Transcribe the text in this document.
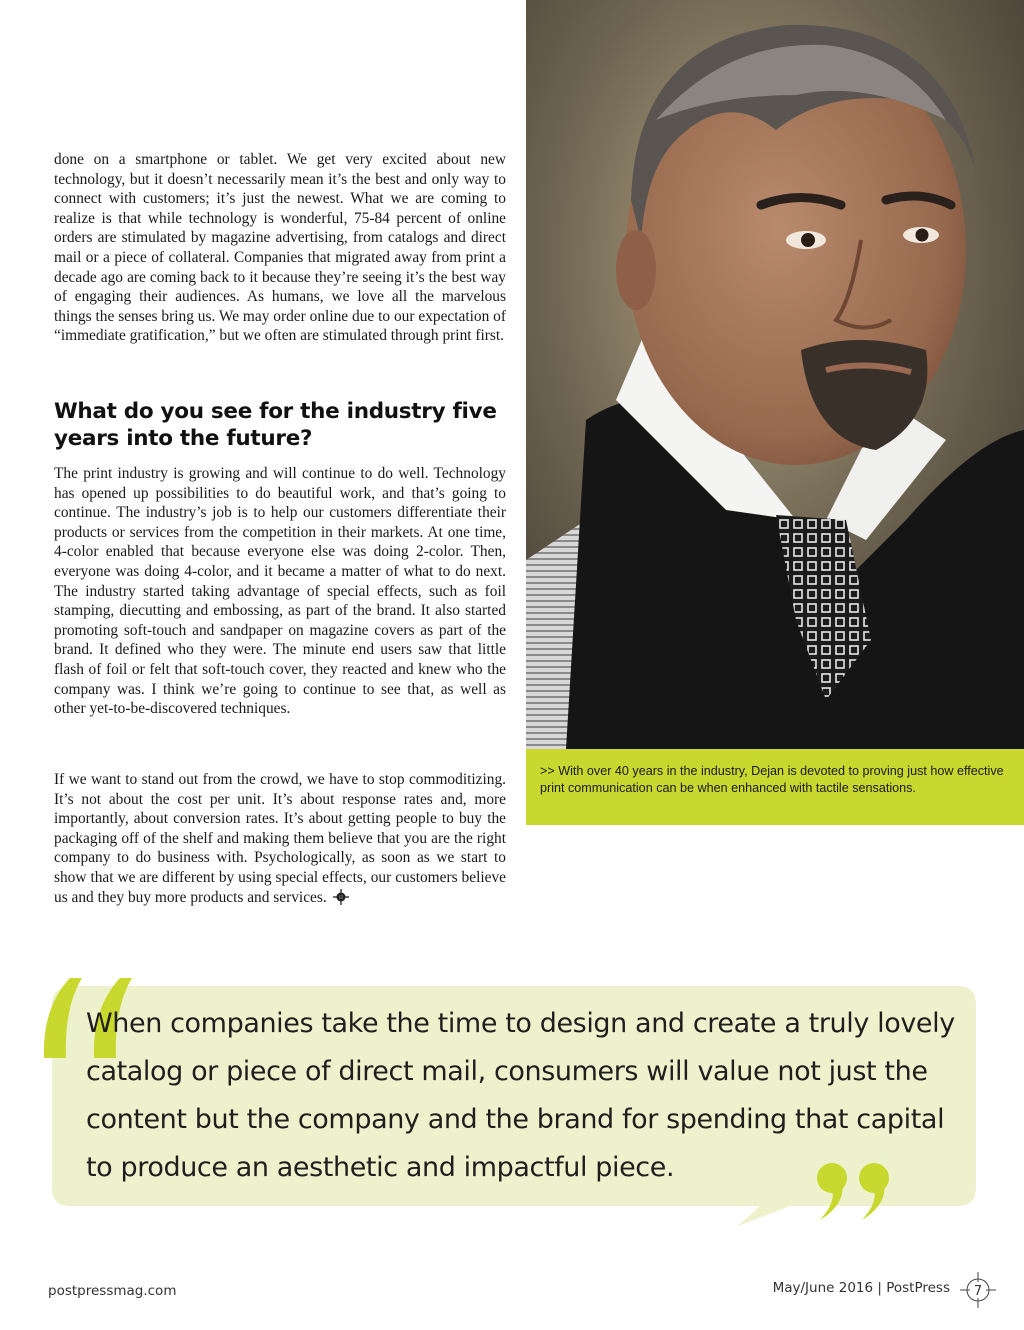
done on a smartphone or tablet. We get very excited about new technology, but it doesn’t necessarily mean it’s the best and only way to connect with customers; it’s just the newest. What we are coming to realize is that while technology is wonderful, 75-84 percent of online orders are stimulated by magazine advertising, from catalogs and direct mail or a piece of collateral. Companies that migrated away from print a decade ago are coming back to it because they’re seeing it’s the best way of engaging their audiences. As humans, we love all the marvelous things the senses bring us. We may order online due to our expectation of “immediate gratification,” but we often are stimulated through print first.

What do you see for the industry five years into the future?

The print industry is growing and will continue to do well. Technology has opened up possibilities to do beautiful work, and that’s going to continue. The industry’s job is to help our customers differentiate their products or services from the competition in their markets. At one time, 4-color enabled that because everyone else was doing 2-color. Then, everyone was doing 4-color, and it became a matter of what to do next. The industry started taking advantage of special effects, such as foil stamping, diecutting and embossing, as part of the brand. It also started promoting soft-touch and sandpaper on magazine covers as part of the brand. It defined who they were. The minute end users saw that little flash of foil or felt that soft-touch cover, they reacted and knew who the company was. I think we’re going to continue to see that, as well as other yet-to-be-discovered techniques.

If we want to stand out from the crowd, we have to stop commoditizing. It’s not about the cost per unit. It’s about response rates and, more importantly, about conversion rates. It’s about getting people to buy the packaging off of the shelf and making them believe that you are the right company to do business with. Psychologically, as soon as we start to show that we are different by using special effects, our customers believe us and they buy more products and services.

>> With over 40 years in the industry, Dejan is devoted to proving just how effective print communication can be when enhanced with tactile sensations.

When companies take the time to design and create a truly lovely catalog or piece of direct mail, consumers will value not just the content but the company and the brand for spending that capital to produce an aesthetic and impactful piece.

postpressmag.com	May/June 2016 | PostPress 7
